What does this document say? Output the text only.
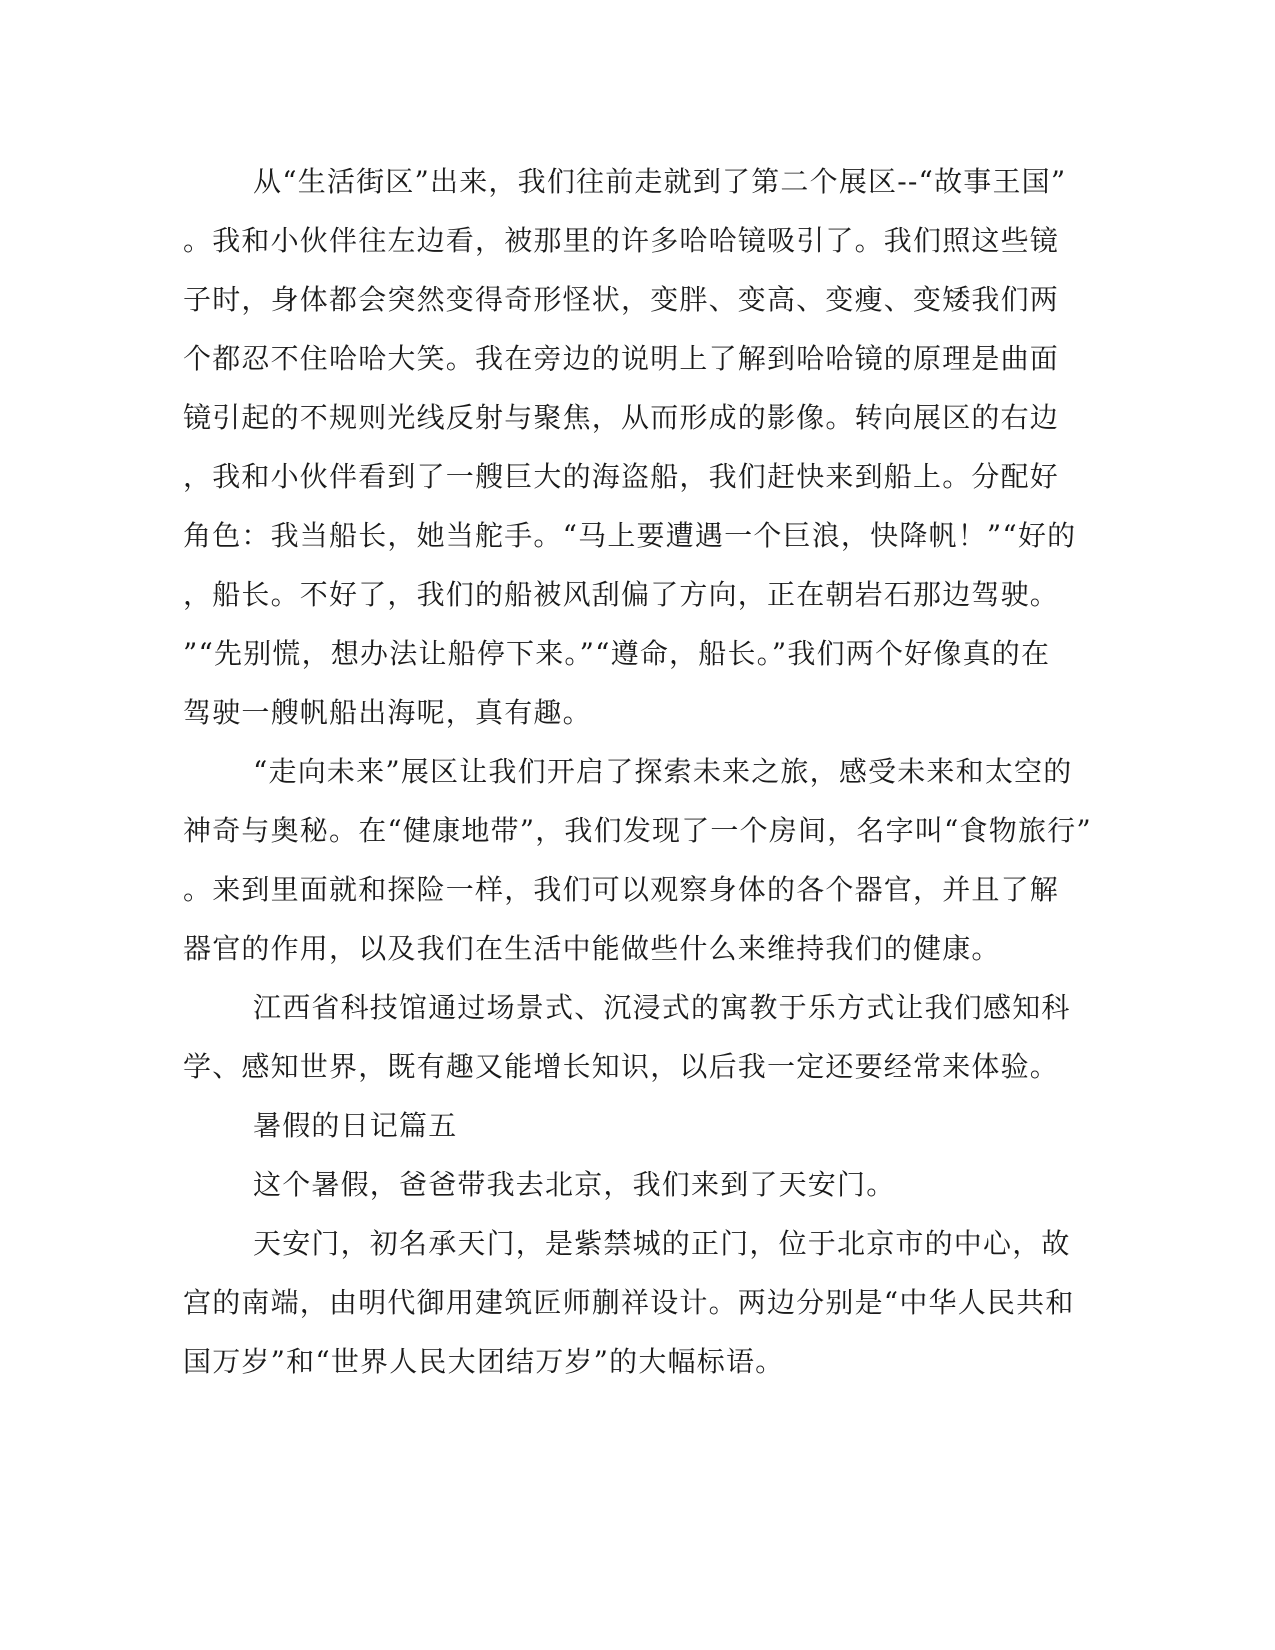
从“生活街区”出来，我们往前走就到了第二个展区--“故事王国”
。我和小伙伴往左边看，被那里的许多哈哈镜吸引了。我们照这些镜
子时，身体都会突然变得奇形怪状，变胖、变高、变瘦、变矮我们两
个都忍不住哈哈大笑。我在旁边的说明上了解到哈哈镜的原理是曲面
镜引起的不规则光线反射与聚焦，从而形成的影像。转向展区的右边
，我和小伙伴看到了一艘巨大的海盗船，我们赶快来到船上。分配好
角色：我当船长，她当舵手。“马上要遭遇一个巨浪，快降帆！”“好的
，船长。不好了，我们的船被风刮偏了方向，正在朝岩石那边驾驶。
”“先别慌，想办法让船停下来。”“遵命，船长。”我们两个好像真的在
驾驶一艘帆船出海呢，真有趣。
“走向未来”展区让我们开启了探索未来之旅，感受未来和太空的
神奇与奥秘。在“健康地带”，我们发现了一个房间，名字叫“食物旅行”
。来到里面就和探险一样，我们可以观察身体的各个器官，并且了解
器官的作用，以及我们在生活中能做些什么来维持我们的健康。
江西省科技馆通过场景式、沉浸式的寓教于乐方式让我们感知科
学、感知世界，既有趣又能增长知识，以后我一定还要经常来体验。
暑假的日记篇五
这个暑假，爸爸带我去北京，我们来到了天安门。
天安门，初名承天门，是紫禁城的正门，位于北京市的中心，故
宫的南端，由明代御用建筑匠师蒯祥设计。两边分别是“中华人民共和
国万岁”和“世界人民大团结万岁”的大幅标语。
